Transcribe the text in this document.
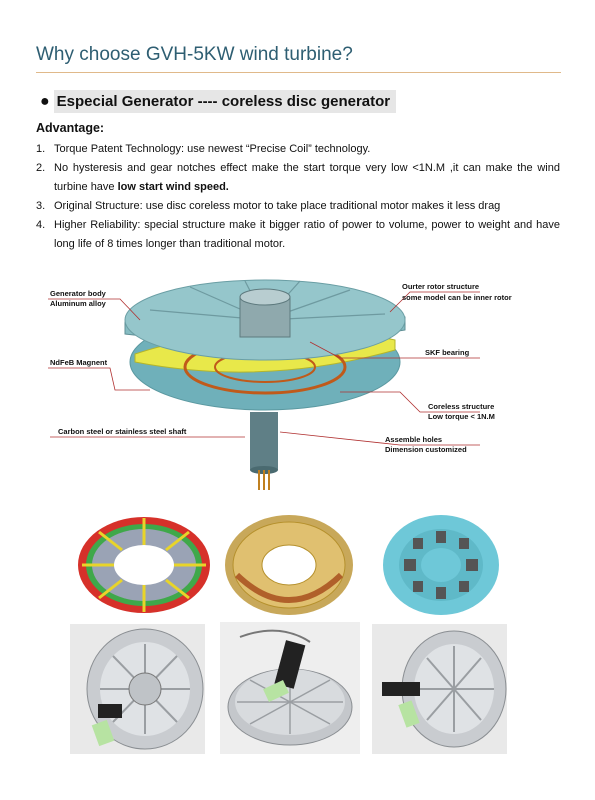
Why choose GVH-5KW wind turbine?
● Especial Generator ---- coreless disc generator
Advantage:
1. Torque Patent Technology: use newest “Precise Coil” technology.
2. No hysteresis and gear notches effect make the start torque very low <1N.M ,it can make the wind turbine have low start wind speed.
3. Original Structure: use disc coreless motor to take place traditional motor makes it less drag
4. Higher Reliability: special structure make it bigger ratio of power to volume, power to weight and have long life of 8 times longer than traditional motor.
Generator body
Aluminum alloy
Ourter rotor structure
some model can be inner rotor
NdFeB Magnent
SKF bearing
Coreless structure
Low torque < 1N.M
Carbon steel or stainless steel shaft
Assemble holes
Dimension customized
